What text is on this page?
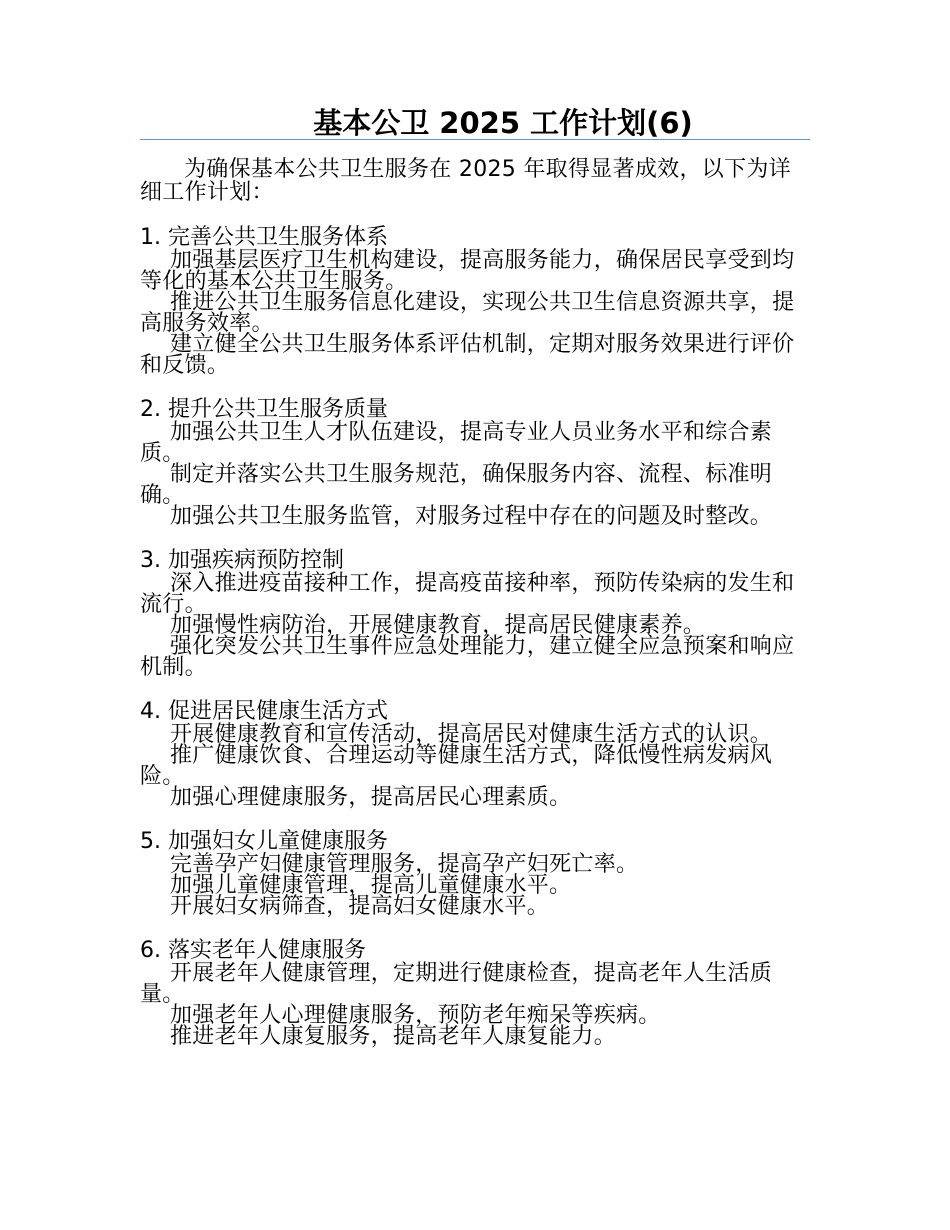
基本公卫 2025 工作计划(6)

为确保基本公共卫生服务在 2025 年取得显著成效，以下为详细工作计划：

1. 完善公共卫生服务体系

加强基层医疗卫生机构建设，提高服务能力，确保居民享受到均等化的基本公共卫生服务。

推进公共卫生服务信息化建设，实现公共卫生信息资源共享，提高服务效率。

建立健全公共卫生服务体系评估机制，定期对服务效果进行评价和反馈。

2. 提升公共卫生服务质量

加强公共卫生人才队伍建设，提高专业人员业务水平和综合素质。

制定并落实公共卫生服务规范，确保服务内容、流程、标准明确。

加强公共卫生服务监管，对服务过程中存在的问题及时整改。

3. 加强疾病预防控制

深入推进疫苗接种工作，提高疫苗接种率，预防传染病的发生和流行。

加强慢性病防治，开展健康教育，提高居民健康素养。

强化突发公共卫生事件应急处理能力，建立健全应急预案和响应机制。

4. 促进居民健康生活方式

开展健康教育和宣传活动，提高居民对健康生活方式的认识。

推广健康饮食、合理运动等健康生活方式，降低慢性病发病风险。

加强心理健康服务，提高居民心理素质。

5. 加强妇女儿童健康服务

完善孕产妇健康管理服务，提高孕产妇死亡率。

加强儿童健康管理，提高儿童健康水平。

开展妇女病筛查，提高妇女健康水平。

6. 落实老年人健康服务

开展老年人健康管理，定期进行健康检查，提高老年人生活质量。

加强老年人心理健康服务，预防老年痴呆等疾病。

推进老年人康复服务，提高老年人康复能力。
